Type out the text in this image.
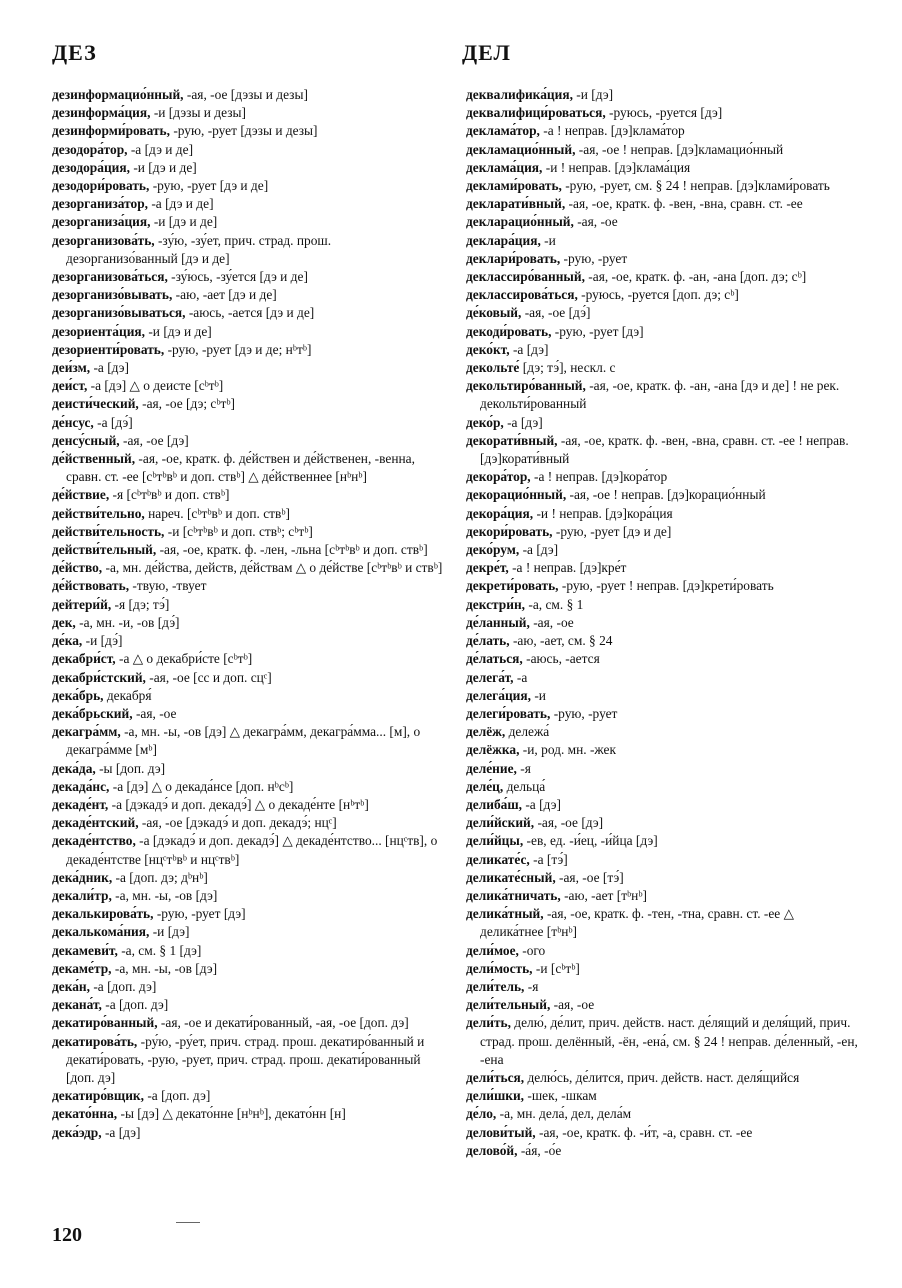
ДЕЗ	ДЕЛ

дезинформацио́нный, -ая, -ое [дэзы и дезы]

дезинформа́ция, -и [дэзы и дезы]

дезинформи́ровать, -рую, -рует [дэзы и дезы]

дезодора́тор, -а [дэ и де]

дезодора́ция, -и [дэ и де]

дезодори́ровать, -рую, -рует [дэ и де]

дезорганиза́тор, -а [дэ и де]

дезорганиза́ция, -и [дэ и де]

дезорганизова́ть, -зу́ю, -зу́ет, прич. страд. прош. дезорганизо́ванный [дэ и де]

дезорганизова́ться, -зу́юсь, -зу́ется [дэ и де]

дезорганизо́вывать, -аю, -ает [дэ и де]

дезорганизо́вываться, -аюсь, -ается [дэ и де]

дезориента́ция, -и [дэ и де]

дезориенти́ровать, -рую, -рует [дэ и де; нᵇтᵇ]

деи́зм, -а [дэ]

деи́ст, -а [дэ] △ о деисте [сᵇтᵇ]

деисти́ческий, -ая, -ое [дэ; сᵇтᵇ]

де́нсус, -а [дэ́]

денсу́сный, -ая, -ое [дэ]

де́йственный, -ая, -ое, кратк. ф. де́йствен и де́йственен, -венна, сравн. ст. -ее [сᵇтᵇвᵇ и доп. ствᵇ] △ де́йственнее [нᵇнᵇ]

де́йствие, -я [сᵇтᵇвᵇ и доп. ствᵇ]

действи́тельно, нареч. [сᵇтᵇвᵇ и доп. ствᵇ]

действи́тельность, -и [сᵇтᵇвᵇ и доп. ствᵇ; сᵇтᵇ]

действи́тельный, -ая, -ое, кратк. ф. -лен, -льна [сᵇтᵇвᵇ и доп. ствᵇ]

де́йство, -а, мн. де́йства, действ, де́йствам △ о де́йстве [сᵇтᵇвᵇ и ствᵇ]

де́йствовать, -твую, -твует

дейтери́й, -я [дэ; тэ́]

дек, -а, мн. -и, -ов [дэ́]

де́ка, -и [дэ́]

декабри́ст, -а △ о декабри́сте [сᵇтᵇ]

декабри́стский, -ая, -ое [сс и доп. сцᶜ]

дека́брь, декабря́

дека́брьский, -ая, -ое

декагра́мм, -а, мн. -ы, -ов [дэ] △ декагра́мм, декагра́мма... [м], о декагра́мме [мᵇ]

дека́да, -ы [доп. дэ]

декада́нс, -а [дэ] △ о декада́нсе [доп. нᵇсᵇ]

декаде́нт, -а [дэкадэ́ и доп. декадэ́] △ о декаде́нте [нᵇтᵇ]

декаде́нтский, -ая, -ое [дэкадэ́ и доп. декадэ́; нцᶜ]

декаде́нтство, -а [дэкадэ́ и доп. декадэ́] △ декаде́нтство... [нцᶜтв], о декаде́нтстве [нцᶜтᵇвᵇ и нцᶜтвᵇ]

дека́дник, -а [доп. дэ; дᵇнᵇ]

декали́тр, -а, мн. -ы, -ов [дэ]

декалькирова́ть, -рую, -рует [дэ]

декалькома́ния, -и [дэ]

декамеви́т, -а, см. § 1 [дэ]

декаме́тр, -а, мн. -ы, -ов [дэ]

дека́н, -а [доп. дэ]

декана́т, -а [доп. дэ]

декатиро́ванный, -ая, -ое и декати́рованный, -ая, -ое [доп. дэ]

декатирова́ть, -ру́ю, -ру́ет, прич. страд. прош. декатиро́ванный и декати́ровать, -рую, -рует, прич. страд. прош. декати́рованный [доп. дэ]

декатиро́вщик, -а [доп. дэ]

декато́нна, -ы [дэ] △ декато́нне [нᵇнᵇ], декато́нн [н]

дека́эдр, -а [дэ]

деквалифика́ция, -и [дэ]

деквалифици́роваться, -руюсь, -руется [дэ]

деклама́тор, -а ! неправ. [дэ]клама́тор

декламацио́нный, -ая, -ое ! неправ. [дэ]кламацио́нный

деклама́ция, -и ! неправ. [дэ]клама́ция

деклами́ровать, -рую, -рует, см. § 24 ! неправ. [дэ]клами́ровать

декларати́вный, -ая, -ое, кратк. ф. -вен, -вна, сравн. ст. -ее

декларацио́нный, -ая, -ое

деклара́ция, -и

деклари́ровать, -рую, -рует

деклассиро́ванный, -ая, -ое, кратк. ф. -ан, -ана [доп. дэ; сᵇ]

деклассирова́ться, -руюсь, -руется [доп. дэ; сᵇ]

де́ковый, -ая, -ое [дэ́]

декоди́ровать, -рую, -рует [дэ]

деко́кт, -а [дэ]

декольте́ [дэ; тэ́], нескл. с

декольтиро́ванный, -ая, -ое, кратк. ф. -ан, -ана [дэ и де] ! не рек. декольти́рованный

деко́р, -а [дэ]

декорати́вный, -ая, -ое, кратк. ф. -вен, -вна, сравн. ст. -ее ! неправ. [дэ]корати́вный

декора́тор, -а ! неправ. [дэ]кора́тор

декорацио́нный, -ая, -ое ! неправ. [дэ]корацио́нный

декора́ция, -и ! неправ. [дэ]кора́ция

декори́ровать, -рую, -рует [дэ и де]

деко́рум, -а [дэ]

декре́т, -а ! неправ. [дэ]кре́т

декрети́ровать, -рую, -рует ! неправ. [дэ]крети́ровать

декстри́н, -а, см. § 1

де́ланный, -ая, -ое

де́лать, -аю, -ает, см. § 24

де́латься, -аюсь, -ается

делега́т, -а

делега́ция, -и

делеги́ровать, -рую, -рует

делёж, дележа́

делёжка, -и, род. мн. -жек

деле́ние, -я

деле́ц, дельца́

делиба́ш, -а [дэ]

дели́йский, -ая, -ое [дэ]

дели́йцы, -ев, ед. -и́ец, -и́йца [дэ]

деликате́с, -а [тэ́]

деликате́сный, -ая, -ое [тэ́]

делика́тничать, -аю, -ает [тᵇнᵇ]

делика́тный, -ая, -ое, кратк. ф. -тен, -тна, сравн. ст. -ее △ делика́тнее [тᵇнᵇ]

дели́мое, -ого

дели́мость, -и [сᵇтᵇ]

дели́тель, -я

дели́тельный, -ая, -ое

дели́ть, делю́, де́лит, прич. действ. наст. де́лящий и деля́щий, прич. страд. прош. делённый, -ён, -ена́, см. § 24 ! неправ. де́ленный, -ен, -ена

дели́ться, делю́сь, де́лится, прич. действ. наст. деля́щийся

дели́шки, -шек, -шкам

де́ло, -а, мн. дела́, дел, дела́м

делови́тый, -ая, -ое, кратк. ф. -и́т, -а, сравн. ст. -ее

делово́й, -а́я, -о́е

120
